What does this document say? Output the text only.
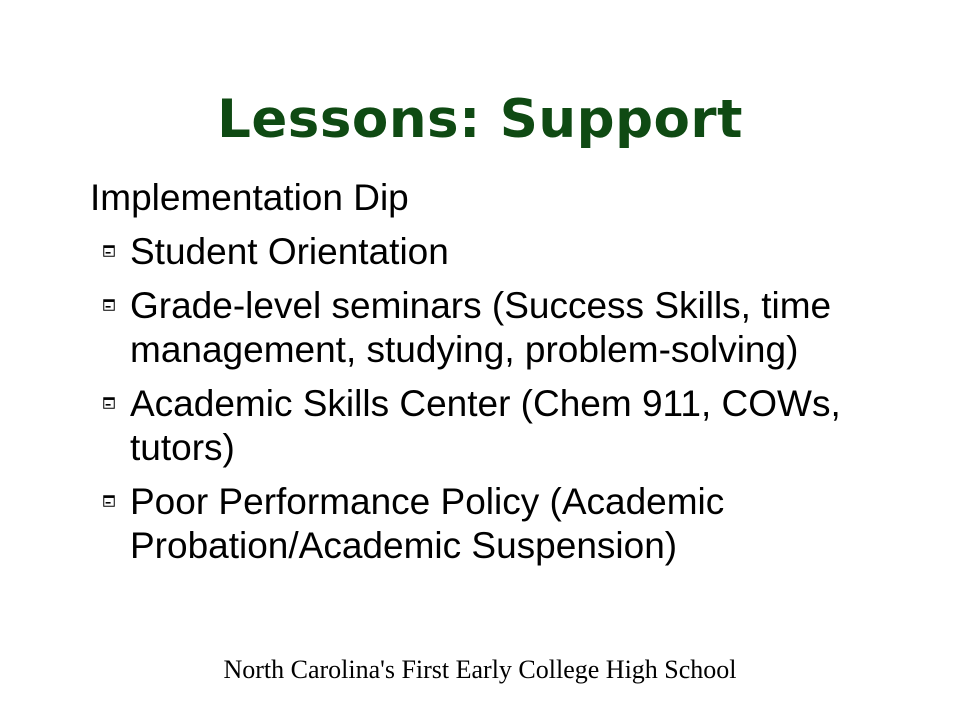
Lessons: Support
Implementation Dip
Student Orientation
Grade-level seminars (Success Skills, time management, studying, problem-solving)
Academic Skills Center (Chem 911, COWs, tutors)
Poor Performance Policy (Academic Probation/Academic Suspension)
North Carolina's First Early College High School
